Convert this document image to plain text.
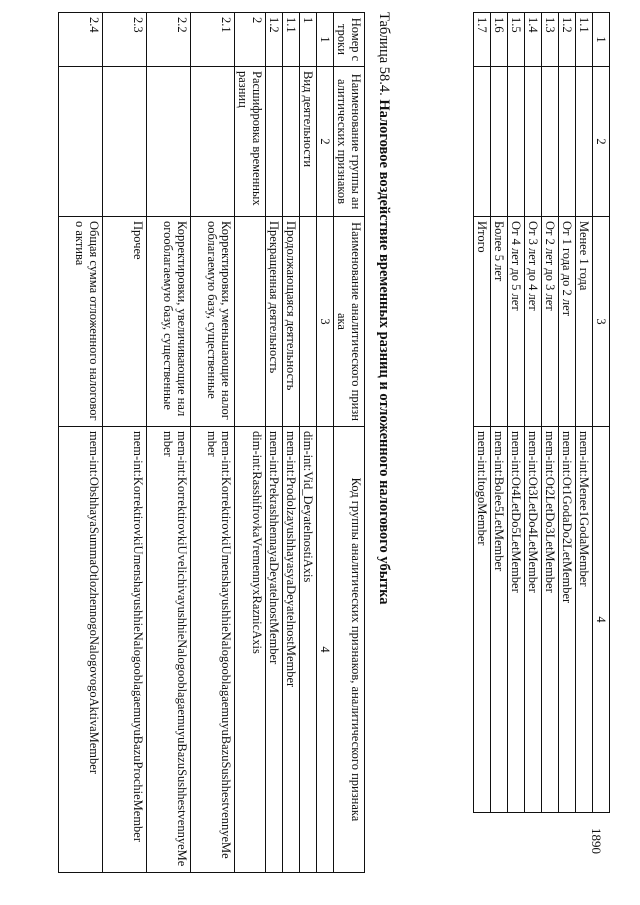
1	2	3	4
1.1		Менее 1 года	mem-int:Menee1GodaMember
1.2		От 1 года до 2 лет	mem-int:Ot1GodaDo2LetMember
1.3		От 2 лет до 3 лет	mem-int:Ot2LetDo3LetMember
1.4		От 3 лет до 4 лет	mem-int:Ot3LetDo4LetMember
1.5		От 4 лет до 5 лет	mem-int:Ot4LetDo5LetMember
1.6		Более 5 лет	mem-int:Bolee5LetMember
1.7		Итого	mem-int:ItogoMember
Таблица 58.4. Налоговое воздействие временных разниц и отложенного налогового убытка
Номер строки	Наименование группы аналитических признаков	Наименование аналитического признака	Код группы аналитических признаков, аналитического признака
1	2	3	4
1	Вид деятельности		dim-int:Vid_DeyatelnostiAxis
1.1		Продолжающаяся деятельность	mem-int:ProdolzayushhayasyaDeyatelnostMember
1.2		Прекращенная деятельность	mem-int:PrekrashhennayaDeyatelnostMember
2	Расшифровка временных разниц		dim-int:RasshifrovkaVremennyxRaznicAxis
2.1		Корректировки, уменьшающие налогооблагаемую базу, существенные	mem-int:KorrektirovkiUmenshayushhieNalogooblagaemuyuBazuSushhestvennyeMember
2.2		Корректировки, увеличивающие налогооблагаемую базу, существенные	mem-int:KorrektirovkiUvelichivayushhieNalogooblagaemuyuBazuSushhestvennyeMember
2.3		Прочее	mem-int:KorrektirovkiUmenshayushhieNalogooblagaemuyuBazuProchieMember
2.4		Общая сумма отложенного налогового актива	mem-int:ObshhayaSummaOtlozhennogoNalogovogoAktivaMember
1890
